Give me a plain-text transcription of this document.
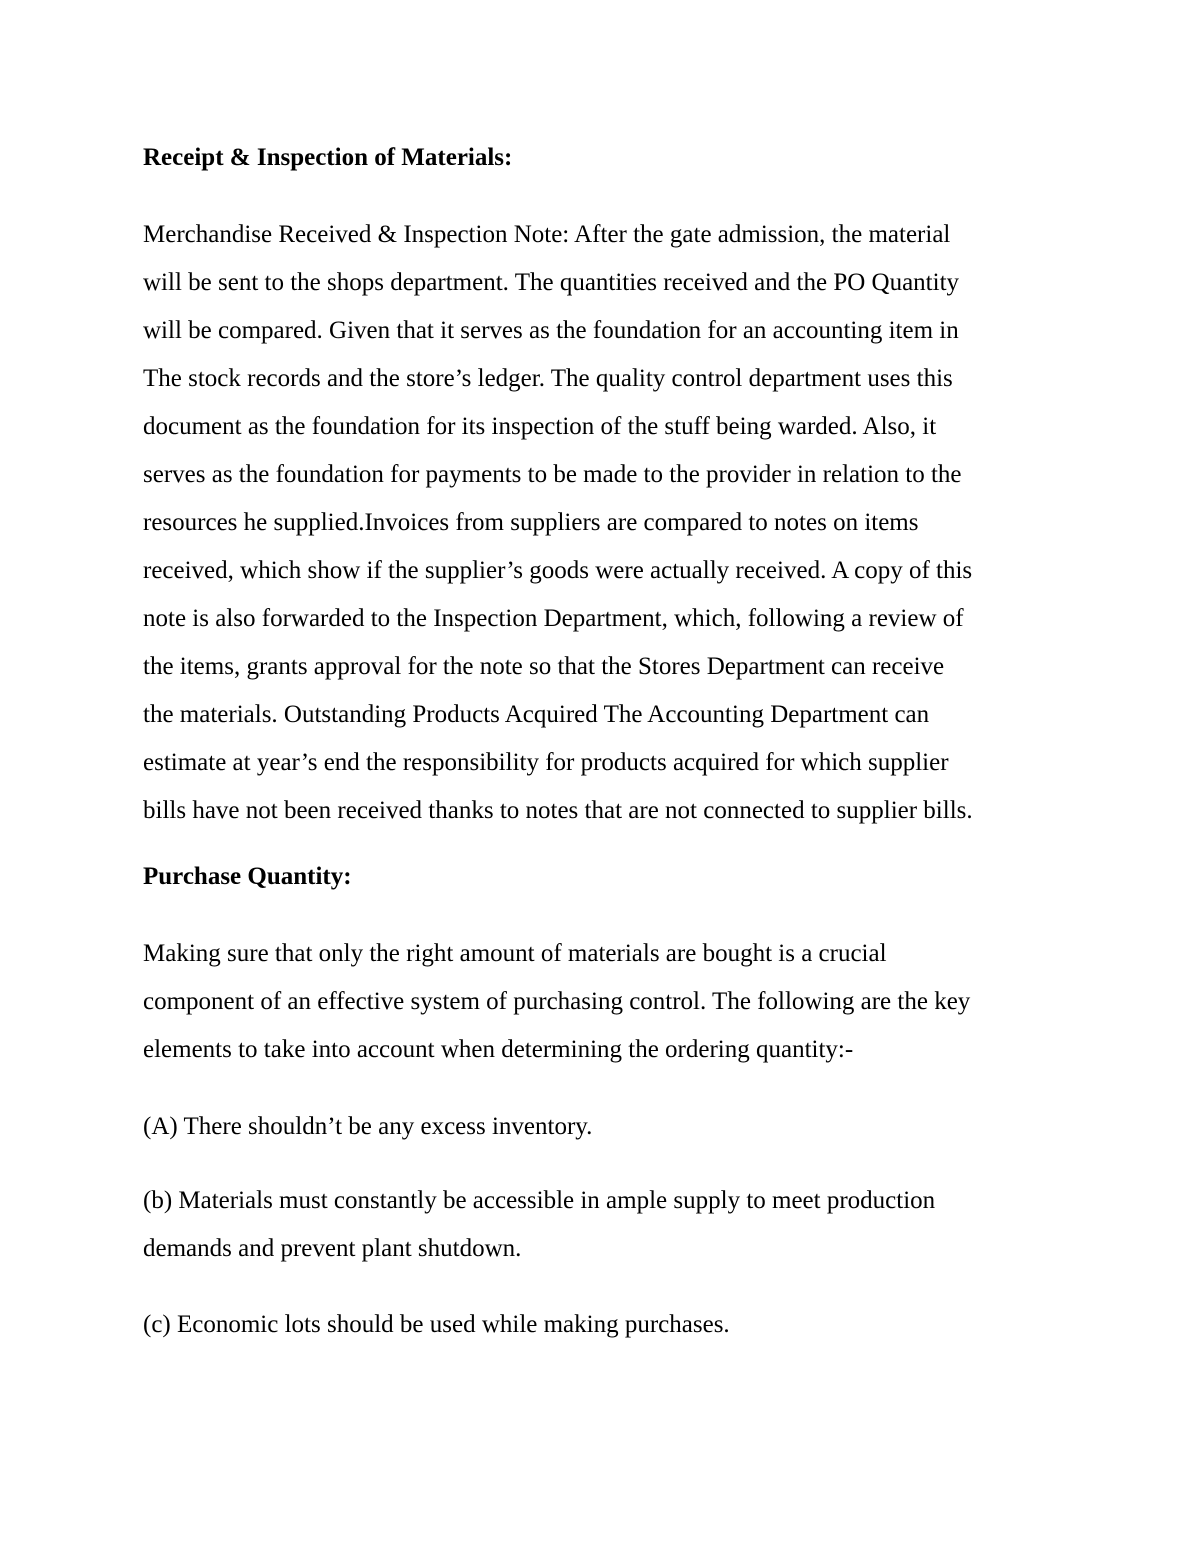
Receipt & Inspection of Materials:

Merchandise Received & Inspection Note: After the gate admission, the material
will be sent to the shops department. The quantities received and the PO Quantity
will be compared. Given that it serves as the foundation for an accounting item in
The stock records and the store’s ledger. The quality control department uses this
document as the foundation for its inspection of the stuff being warded. Also, it
serves as the foundation for payments to be made to the provider in relation to the
resources he supplied.Invoices from suppliers are compared to notes on items
received, which show if the supplier’s goods were actually received. A copy of this
note is also forwarded to the Inspection Department, which, following a review of
the items, grants approval for the note so that the Stores Department can receive
the materials. Outstanding Products Acquired The Accounting Department can
estimate at year’s end the responsibility for products acquired for which supplier
bills have not been received thanks to notes that are not connected to supplier bills.

Purchase Quantity:

Making sure that only the right amount of materials are bought is a crucial
component of an effective system of purchasing control. The following are the key
elements to take into account when determining the ordering quantity:-

(A) There shouldn’t be any excess inventory.

(b) Materials must constantly be accessible in ample supply to meet production
demands and prevent plant shutdown.

(c) Economic lots should be used while making purchases.
